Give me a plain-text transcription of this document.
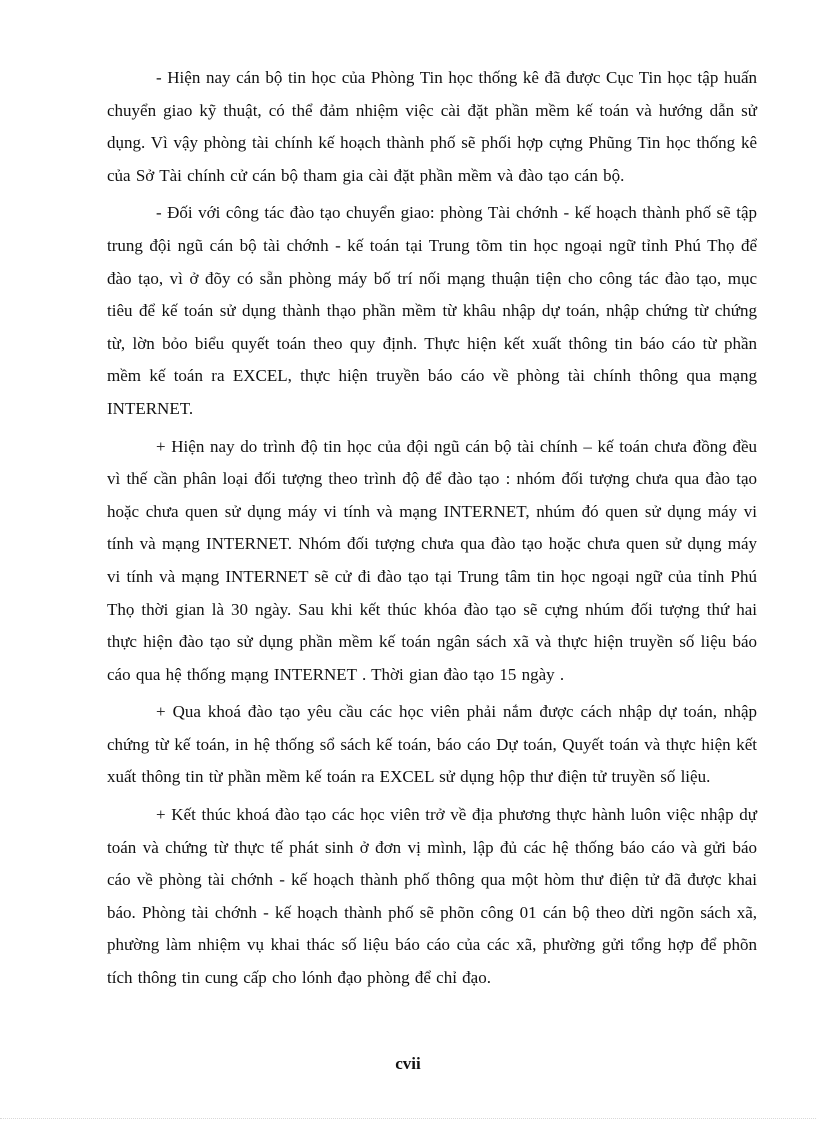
- Hiện nay cán bộ tin học của Phòng Tin học thống kê đã được Cục Tin học tập huấn chuyển giao kỹ thuật, có thể đảm nhiệm việc cài đặt phần mềm kế toán và hướng dẫn sử dụng. Vì vậy phòng tài chính kế hoạch thành phố sẽ phối hợp cựng Phũng Tin học thống kê của Sở Tài chính cử cán bộ tham gia cài đặt phần mềm và đào tạo cán bộ.

- Đối với công tác đào tạo chuyển giao: phòng Tài chớnh - kế hoạch thành phố sẽ tập trung đội ngũ cán bộ tài chớnh - kế toán tại Trung tõm tin học ngoại ngữ tỉnh Phú Thọ để đào tạo, vì ở đõy có sẵn phòng máy bố trí nối mạng thuận tiện cho công tác đào tạo, mục tiêu để kế toán sử dụng thành thạo phần mềm từ khâu nhập dự toán, nhập chứng từ chứng từ, lờn bỏo biểu quyết toán theo quy định. Thực hiện kết xuất thông tin báo cáo từ phần mềm kế toán ra EXCEL, thực hiện truyền báo cáo về phòng tài chính thông qua mạng INTERNET.

+ Hiện nay do trình độ tin học của đội ngũ cán bộ tài chính – kế toán chưa đồng đều vì thế cần phân loại đối tượng theo trình độ để đào tạo : nhóm đối tượng chưa qua đào tạo hoặc chưa quen sử dụng máy vi tính và mạng INTERNET, nhúm đó quen sử dụng máy vi tính và mạng INTERNET. Nhóm đối tượng chưa qua đào tạo hoặc chưa quen sử dụng máy vi tính và mạng INTERNET sẽ cử đi đào tạo tại Trung tâm tin học ngoại ngữ của tỉnh Phú Thọ thời gian là 30 ngày. Sau khi kết thúc khóa đào tạo sẽ cựng nhúm đối tượng thứ hai thực hiện đào tạo sử dụng phần mềm kế toán ngân sách xã và thực hiện truyền số liệu báo cáo qua hệ thống mạng INTERNET . Thời gian đào tạo 15 ngày .

+ Qua khoá đào tạo yêu cầu các học viên phải nắm được cách nhập dự toán, nhập chứng từ kế toán, in hệ thống sổ sách kế toán, báo cáo Dự toán, Quyết toán và thực hiện kết xuất thông tin từ phần mềm kế toán ra EXCEL sử dụng hộp thư điện tử truyền số liệu.

+ Kết thúc khoá đào tạo các học viên trở về địa phương thực hành luôn việc nhập dự toán và chứng từ thực tế phát sinh ở đơn vị mình, lập đủ các hệ thống báo cáo và gửi báo cáo về phòng tài chớnh - kế hoạch thành phố thông qua một hòm thư điện tử đã được khai báo. Phòng tài chớnh - kế hoạch thành phố sẽ phõn công 01 cán bộ theo dừi ngõn sách xã, phường làm nhiệm vụ khai thác số liệu báo cáo của các xã, phường gửi tổng hợp để phõn tích thông tin cung cấp cho lónh đạo phòng để chỉ đạo.

cvii
